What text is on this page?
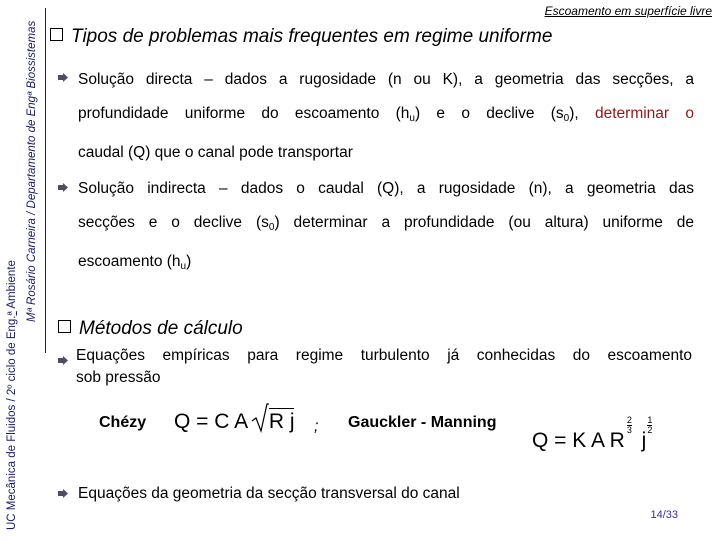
UC Mecânica de Fluidos / 2º ciclo de Eng.ª Ambiente Mª Rosário Carneira / Departamento de Engª Biossistemas
Escoamento em superfície livre
Tipos de problemas mais frequentes em regime uniforme
Solução directa – dados a rugosidade (n ou K), a geometria das secções, a
profundidade uniforme do escoamento $(h_u)$ e o declive $(s_0)$, determinar o
caudal (Q) que o canal pode transportar
Solução indirecta – dados o caudal (Q), a rugosidade (n), a geometria das
secções e o declive $(s_0)$ determinar a profundidade (ou altura) uniforme de
escoamento $(h_u)$
Métodos de cálculo
Equações empíricas para regime turbulento já conhecidas do escoamento
sob pressão
Chézy Q = C A R j ; Gauckler - Manning
Q = K A R
$\frac{2}{3}$
j
$\frac{1}{2}$
Equações da geometria da secção transversal do canal
14/33
